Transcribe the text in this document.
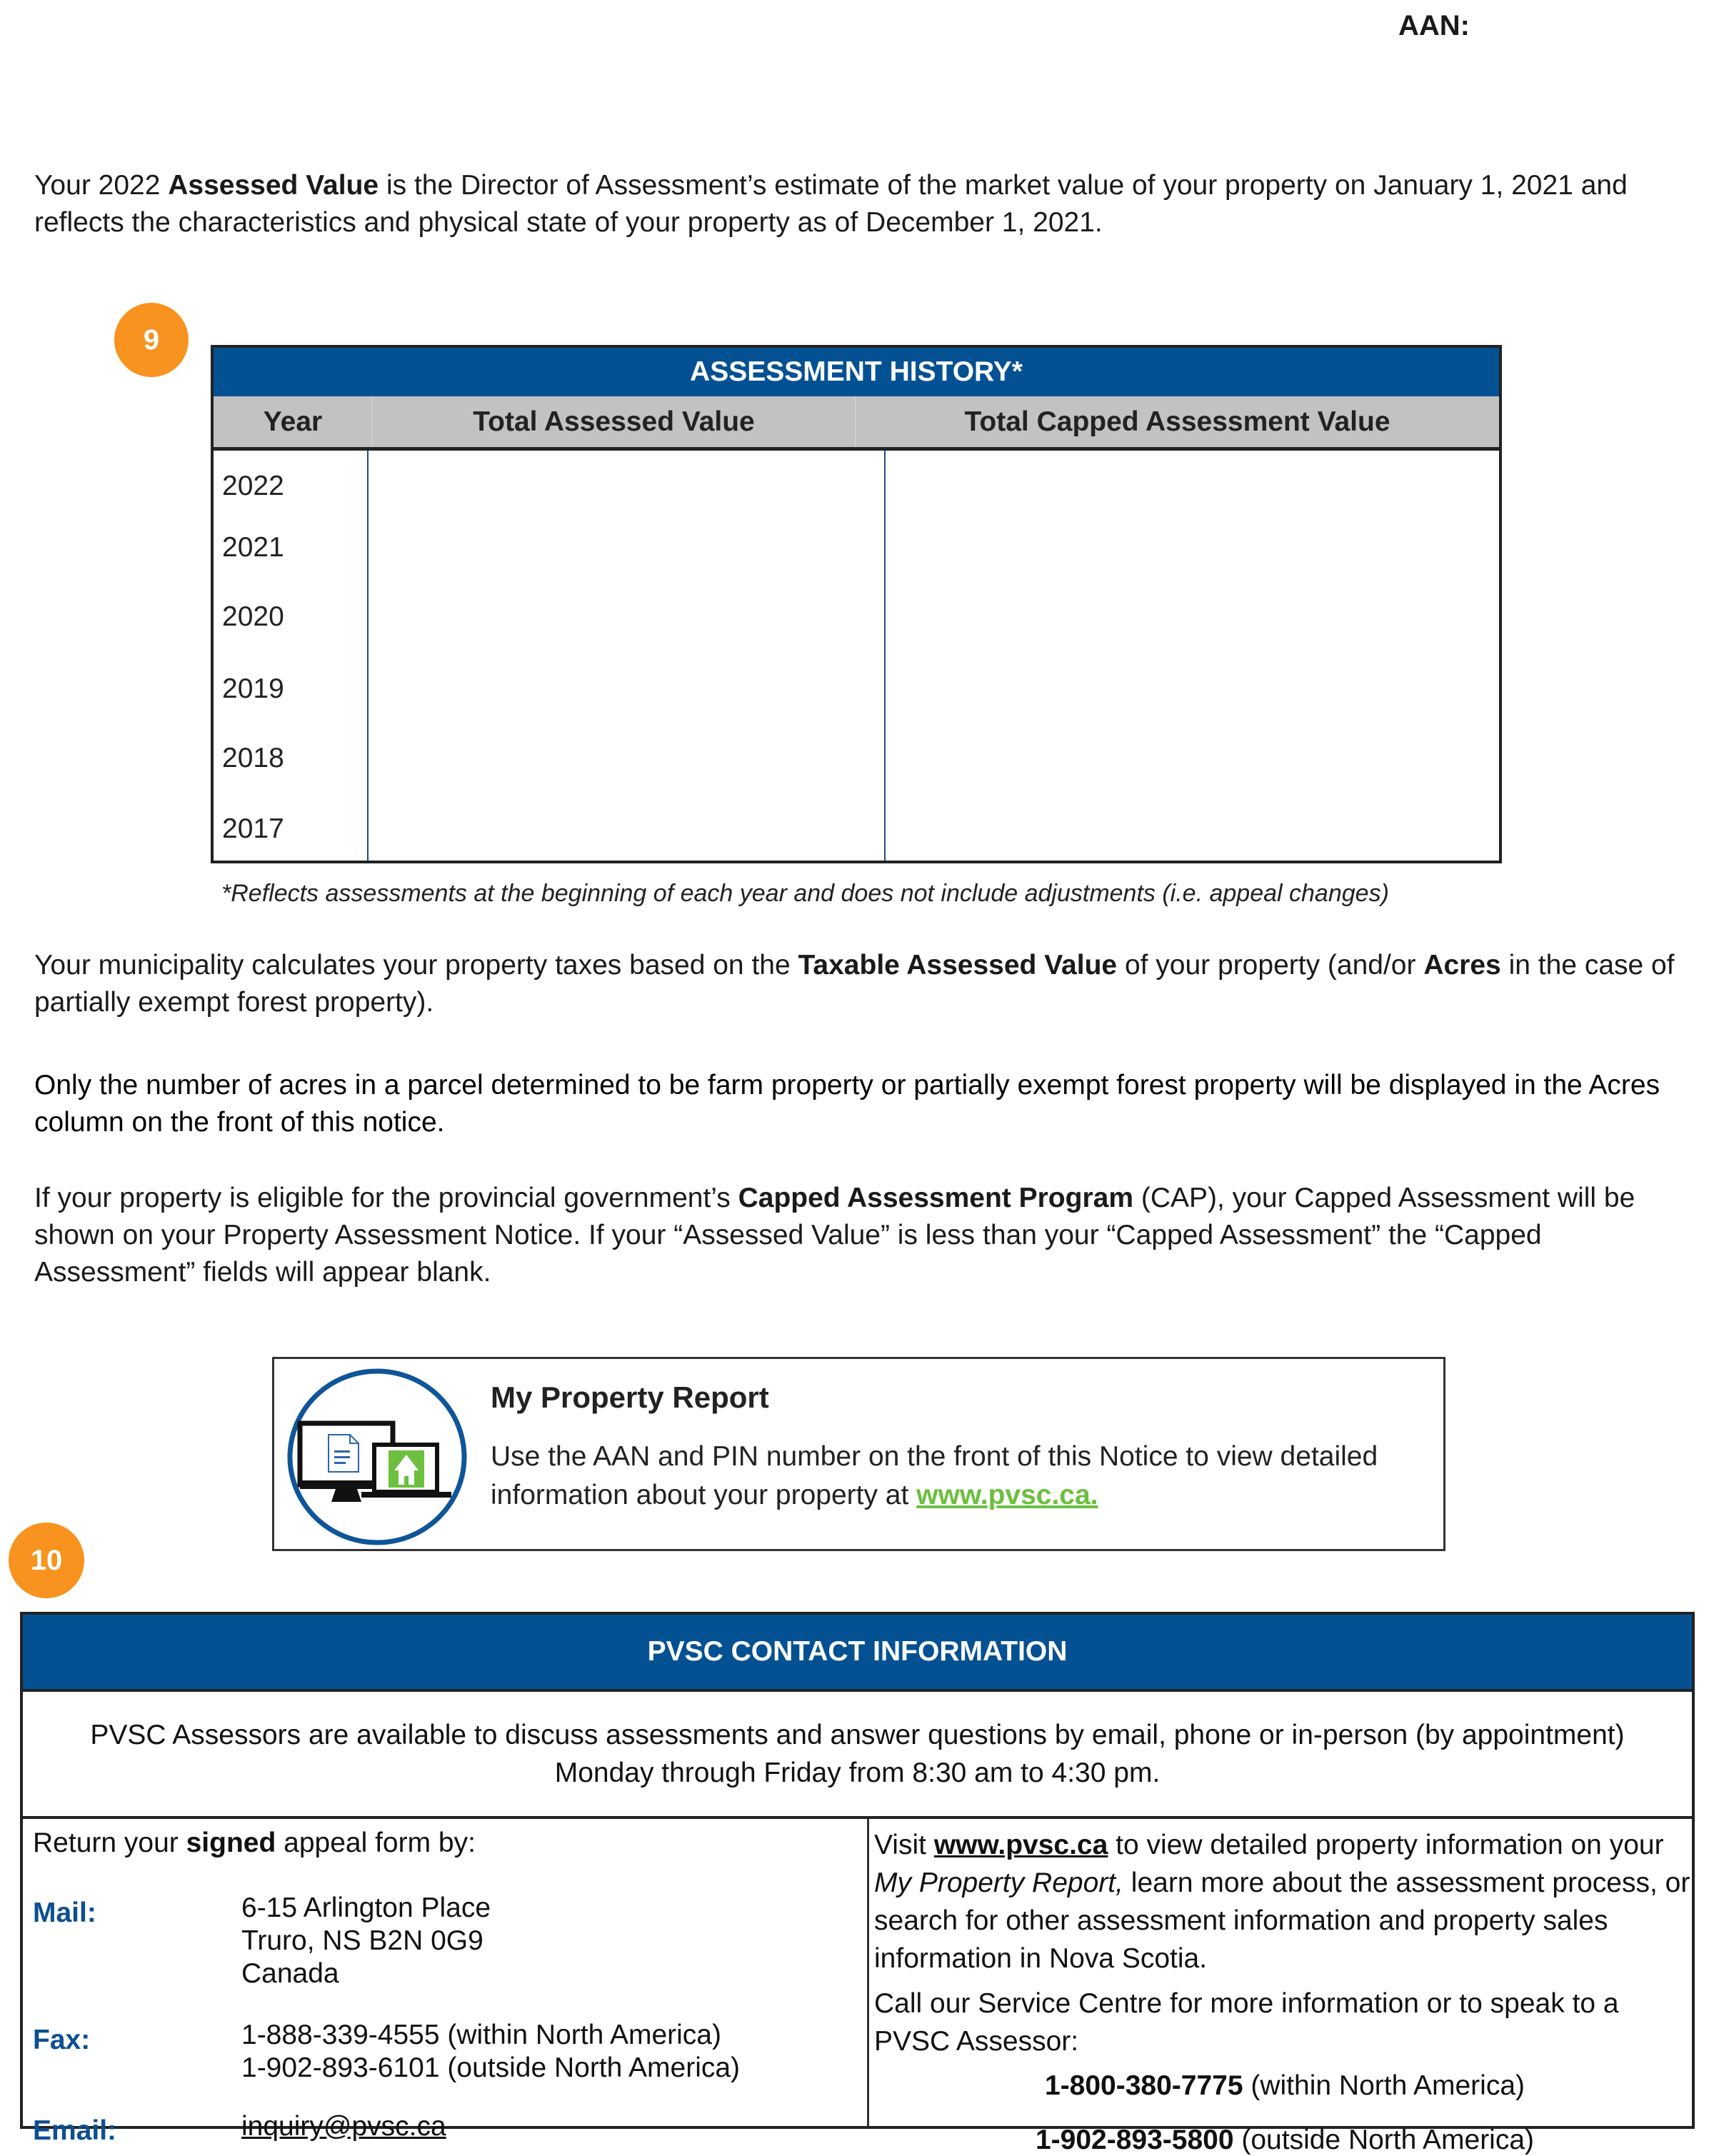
AAN:
Your 2022 Assessed Value is the Director of Assessment’s estimate of the market value of your property on January 1, 2021 and reflects the characteristics and physical state of your property as of December 1, 2021.
9
ASSESSMENT HISTORY*
Year	Total Assessed Value	Total Capped Assessment Value
2022
2021
2020
2019
2018
2017
*Reflects assessments at the beginning of each year and does not include adjustments (i.e. appeal changes)
Your municipality calculates your property taxes based on the Taxable Assessed Value of your property (and/or Acres in the case of partially exempt forest property).
Only the number of acres in a parcel determined to be farm property or partially exempt forest property will be displayed in the Acres column on the front of this notice.
If your property is eligible for the provincial government’s Capped Assessment Program (CAP), your Capped Assessment will be shown on your Property Assessment Notice. If your “Assessed Value” is less than your “Capped Assessment” the “Capped Assessment” fields will appear blank.
My Property Report
Use the AAN and PIN number on the front of this Notice to view detailed information about your property at www.pvsc.ca.
10
PVSC CONTACT INFORMATION
PVSC Assessors are available to discuss assessments and answer questions by email, phone or in-person (by appointment)
Monday through Friday from 8:30 am to 4:30 pm.
Return your signed appeal form by:
Mail:	6-15 Arlington Place
Truro, NS B2N 0G9
Canada
Fax:	1-888-339-4555 (within North America)
1-902-893-6101 (outside North America)
Email:	inquiry@pvsc.ca
Visit www.pvsc.ca to view detailed property information on your My Property Report, learn more about the assessment process, or search for other assessment information and property sales information in Nova Scotia.
Call our Service Centre for more information or to speak to a PVSC Assessor:
1-800-380-7775 (within North America)
1-902-893-5800 (outside North America)
